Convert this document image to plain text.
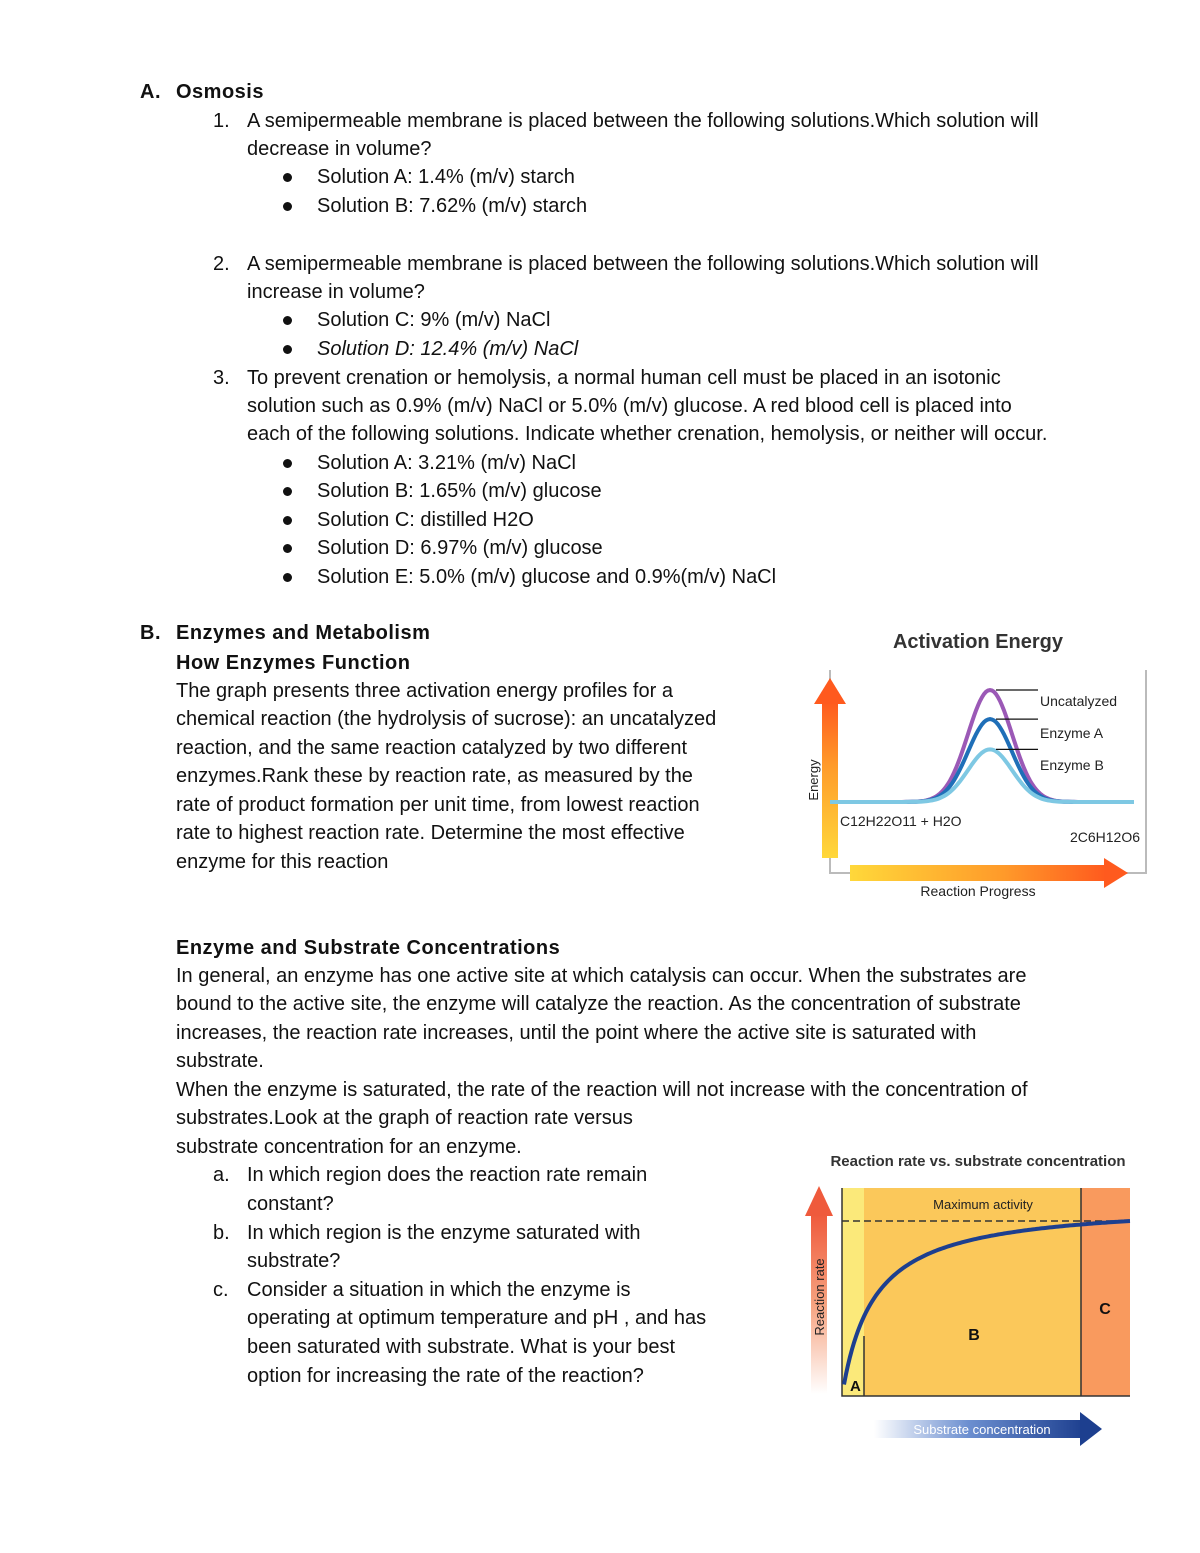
A. Osmosis
1. A semipermeable membrane is placed between the following solutions.Which solution will
decrease in volume?
Solution A: 1.4% (m/v) starch
Solution B: 7.62% (m/v) starch
2. A semipermeable membrane is placed between the following solutions.Which solution will
increase in volume?
Solution C: 9% (m/v) NaCl
Solution D: 12.4% (m/v) NaCl
3. To prevent crenation or hemolysis, a normal human cell must be placed in an isotonic
solution such as 0.9% (m/v) NaCl or 5.0% (m/v) glucose. A red blood cell is placed into
each of the following solutions. Indicate whether crenation, hemolysis, or neither will occur.
Solution A: 3.21% (m/v) NaCl
Solution B: 1.65% (m/v) glucose
Solution C: distilled H2O
Solution D: 6.97% (m/v) glucose
Solution E: 5.0% (m/v) glucose and 0.9%(m/v) NaCl
B. Enzymes and Metabolism
How Enzymes Function
The graph presents three activation energy profiles for a
chemical reaction (the hydrolysis of sucrose): an uncatalyzed
reaction, and the same reaction catalyzed by two different
enzymes.Rank these by reaction rate, as measured by the
rate of product formation per unit time, from lowest reaction
rate to highest reaction rate. Determine the most effective
enzyme for this reaction
Activation Energy
Energy
Reaction Progress
Uncatalyzed
Enzyme A
Enzyme B
C12H22O11 + H2O
2C6H12O6
Enzyme and Substrate Concentrations
In general, an enzyme has one active site at which catalysis can occur. When the substrates are
bound to the active site, the enzyme will catalyze the reaction. As the concentration of substrate
increases, the reaction rate increases, until the point where the active site is saturated with
substrate.
When the enzyme is saturated, the rate of the reaction will not increase with the concentration of
substrates.Look at the graph of reaction rate versus
substrate concentration for an enzyme.
a. In which region does the reaction rate remain
constant?
b. In which region is the enzyme saturated with
substrate?
c. Consider a situation in which the enzyme is
operating at optimum temperature and pH , and has
been saturated with substrate. What is your best
option for increasing the rate of the reaction?
Reaction rate vs. substrate concentration
Maximum activity
A
B
C
Reaction rate
Substrate concentration
